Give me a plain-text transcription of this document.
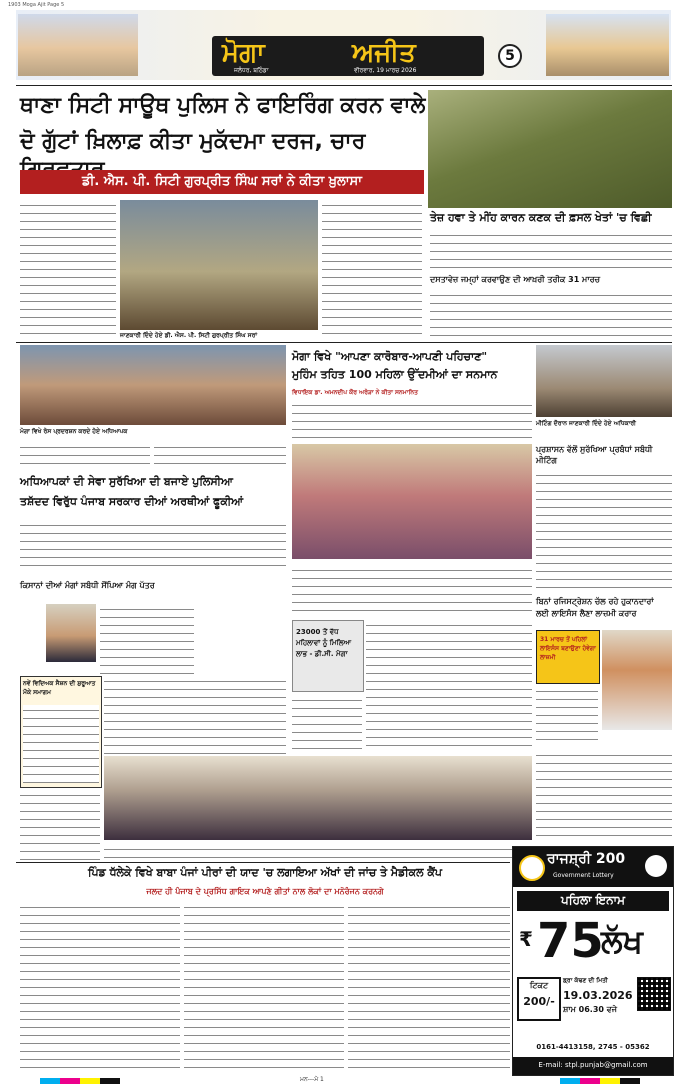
1903 Moga Ajit Page 5
ਮੋਗਾ	ਅਜੀਤ
ਜਲੰਧਰ, ਬਠਿੰਡਾ	ਵੀਰਵਾਰ, 19 ਮਾਰਚ 2026
5
ਥਾਣਾ ਸਿਟੀ ਸਾਊਥ ਪੁਲਿਸ ਨੇ ਫਾਇਰਿੰਗ ਕਰਨ ਵਾਲੇ
ਦੋ ਗੁੱਟਾਂ ਖ਼ਿਲਾਫ਼ ਕੀਤਾ ਮੁਕੱਦਮਾ ਦਰਜ, ਚਾਰ
ਡੀ. ਐਸ. ਪੀ. ਸਿਟੀ ਗੁਰਪ੍ਰੀਤ ਸਿੰਘ ਸਰਾਂ ਨੇ ਕੀਤਾ ਖ਼ੁਲਾਸਾ
ਜਾਣਕਾਰੀ ਦਿੰਦੇ ਹੋਏ ਡੀ. ਐਸ. ਪੀ. ਸਿਟੀ ਗੁਰਪ੍ਰੀਤ ਸਿੰਘ ਸਰਾਂ
ਤੇਜ਼ ਹਵਾ ਤੇ ਮੀਂਹ ਕਾਰਨ ਕਣਕ ਦੀ ਫ਼ਸਲ ਖੇਤਾਂ 'ਚ ਵਿਛੀ
ਦਸਤਾਵੇਜ਼ ਜਮ੍ਹਾਂ ਕਰਵਾਉਣ ਦੀ ਆਖ਼ਰੀ ਤਰੀਕ 31 ਮਾਰਚ
ਮੋਗਾ ਵਿਖੇ ਰੋਸ ਪ੍ਰਦਰਸ਼ਨ ਕਰਦੇ ਹੋਏ ਅਧਿਆਪਕ
ਅਧਿਆਪਕਾਂ ਦੀ ਸੇਵਾ ਸੁਰੱਖਿਆ ਦੀ ਬਜਾਏ ਪੁਲਿਸੀਆ
ਤਸ਼ੱਦਦ ਵਿਰੁੱਧ ਪੰਜਾਬ ਸਰਕਾਰ ਦੀਆਂ ਅਰਥੀਆਂ ਫੂਕੀਆਂ
ਮੋਗਾ ਵਿਖੇ "ਆਪਣਾ ਕਾਰੋਬਾਰ-ਆਪਣੀ ਪਹਿਚਾਣ"
ਮੁਹਿੰਮ ਤਹਿਤ 100 ਮਹਿਲਾ ਉੱਦਮੀਆਂ ਦਾ ਸਨਮਾਨ
ਵਿਧਾਇਕ ਡਾ. ਅਮਨਦੀਪ ਕੌਰ ਅਰੋੜਾ ਨੇ ਕੀਤਾ ਸਨਮਾਨਿਤ
ਮੀਟਿੰਗ ਦੌਰਾਨ ਜਾਣਕਾਰੀ ਦਿੰਦੇ ਹੋਏ ਅਧਿਕਾਰੀ
ਪ੍ਰਸ਼ਾਸਨ ਵੱਲੋਂ ਸੁਰੱਖਿਆ ਪ੍ਰਬੰਧਾਂ ਸਬੰਧੀ ਮੀਟਿੰਗ
ਕਿਸਾਨਾਂ ਦੀਆਂ ਮੰਗਾਂ ਸਬੰਧੀ ਸੌਂਪਿਆ ਮੰਗ ਪੱਤਰ
ਨਵੇਂ ਵਿਦਿਅਕ ਸੈਸ਼ਨ ਦੀ ਸ਼ੁਰੂਆਤ ਮੌਕੇ ਸਮਾਗਮ
23000 ਤੋਂ ਵੱਧ ਮਹਿਲਾਵਾਂ ਨੂੰ ਮਿਲਿਆ ਲਾਭ - ਡੀ.ਸੀ. ਮੋਗਾ
ਬਿਨਾਂ ਰਜਿਸਟ੍ਰੇਸ਼ਨ ਚੱਲ ਰਹੇ ਹੁਕਾਨਦਾਰਾਂ
ਲਈ ਲਾਇਸੰਸ ਲੈਣਾ ਲਾਜ਼ਮੀ ਕਰਾਰ
31 ਮਾਰਚ ਤੋਂ ਪਹਿਲਾਂ ਲਾਇਸੰਸ ਬਣਾਉਣਾ ਹੋਵੇਗਾ ਲਾਜ਼ਮੀ
ਪਿੰਡ ਧੱਲੇਕੇ ਵਿਖੇ ਬਾਬਾ ਪੰਜਾਂ ਪੀਰਾਂ ਦੀ ਯਾਦ 'ਚ ਲਗਾਇਆ ਅੱਖਾਂ ਦੀ ਜਾਂਚ ਤੇ ਮੈਡੀਕਲ ਕੈਂਪ
ਜਲਦ ਹੀ ਪੰਜਾਬ ਦੇ ਪ੍ਰਸਿੱਧ ਗਾਇਕ ਆਪਣੇ ਗੀਤਾਂ ਨਾਲ ਲੋਕਾਂ ਦਾ ਮਨੋਰੰਜਨ ਕਰਨਗੇ
ਰਾਜਸ਼੍ਰੀ 200
Government Lottery
ਪਹਿਲਾ ਇਨਾਮ
₹ 75
ਲੱਖ
ਟਿਕਟ
200/-
ਡ੍ਰਾ ਕੱਢਣ ਦੀ ਮਿਤੀ
19.03.2026
ਸ਼ਾਮ 06.30 ਵਜੇ
0161-4413158, 2745 - 05362
E-mail: stpl.punjab@gmail.com
ਮਨ---ਮੋ 1
